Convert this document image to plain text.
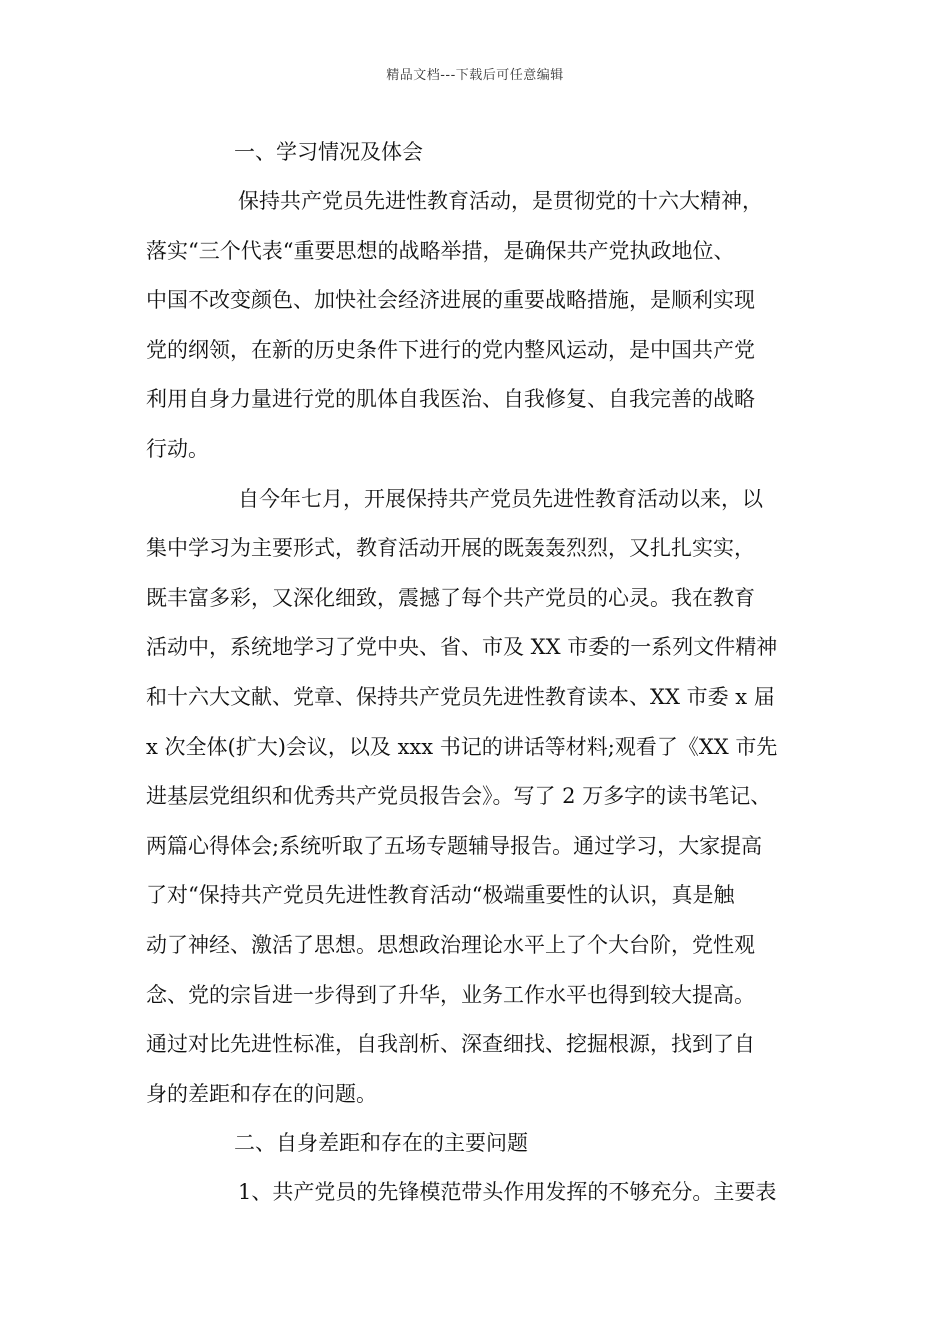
精品文档---下载后可任意编辑
一、学习情况及体会
保持共产党员先进性教育活动，是贯彻党的十六大精神，
落实“三个代表“重要思想的战略举措，是确保共产党执政地位、
中国不改变颜色、加快社会经济进展的重要战略措施，是顺利实现
党的纲领，在新的历史条件下进行的党内整风运动，是中国共产党
利用自身力量进行党的肌体自我医治、自我修复、自我完善的战略
行动。
自今年七月，开展保持共产党员先进性教育活动以来，以
集中学习为主要形式，教育活动开展的既轰轰烈烈，又扎扎实实，
既丰富多彩，又深化细致，震撼了每个共产党员的心灵。我在教育
活动中，系统地学习了党中央、省、市及 XX 市委的一系列文件精神
和十六大文献、党章、保持共产党员先进性教育读本、XX 市委 x 届
x 次全体(扩大)会议，以及 xxx 书记的讲话等材料;观看了《XX 市先
进基层党组织和优秀共产党员报告会》。写了 2 万多字的读书笔记、
两篇心得体会;系统听取了五场专题辅导报告。通过学习，大家提高
了对“保持共产党员先进性教育活动“极端重要性的认识，真是触
动了神经、激活了思想。思想政治理论水平上了个大台阶，党性观
念、党的宗旨进一步得到了升华，业务工作水平也得到较大提高。
通过对比先进性标准，自我剖析、深查细找、挖掘根源，找到了自
身的差距和存在的问题。
二、自身差距和存在的主要问题
1、共产党员的先锋模范带头作用发挥的不够充分。主要表
